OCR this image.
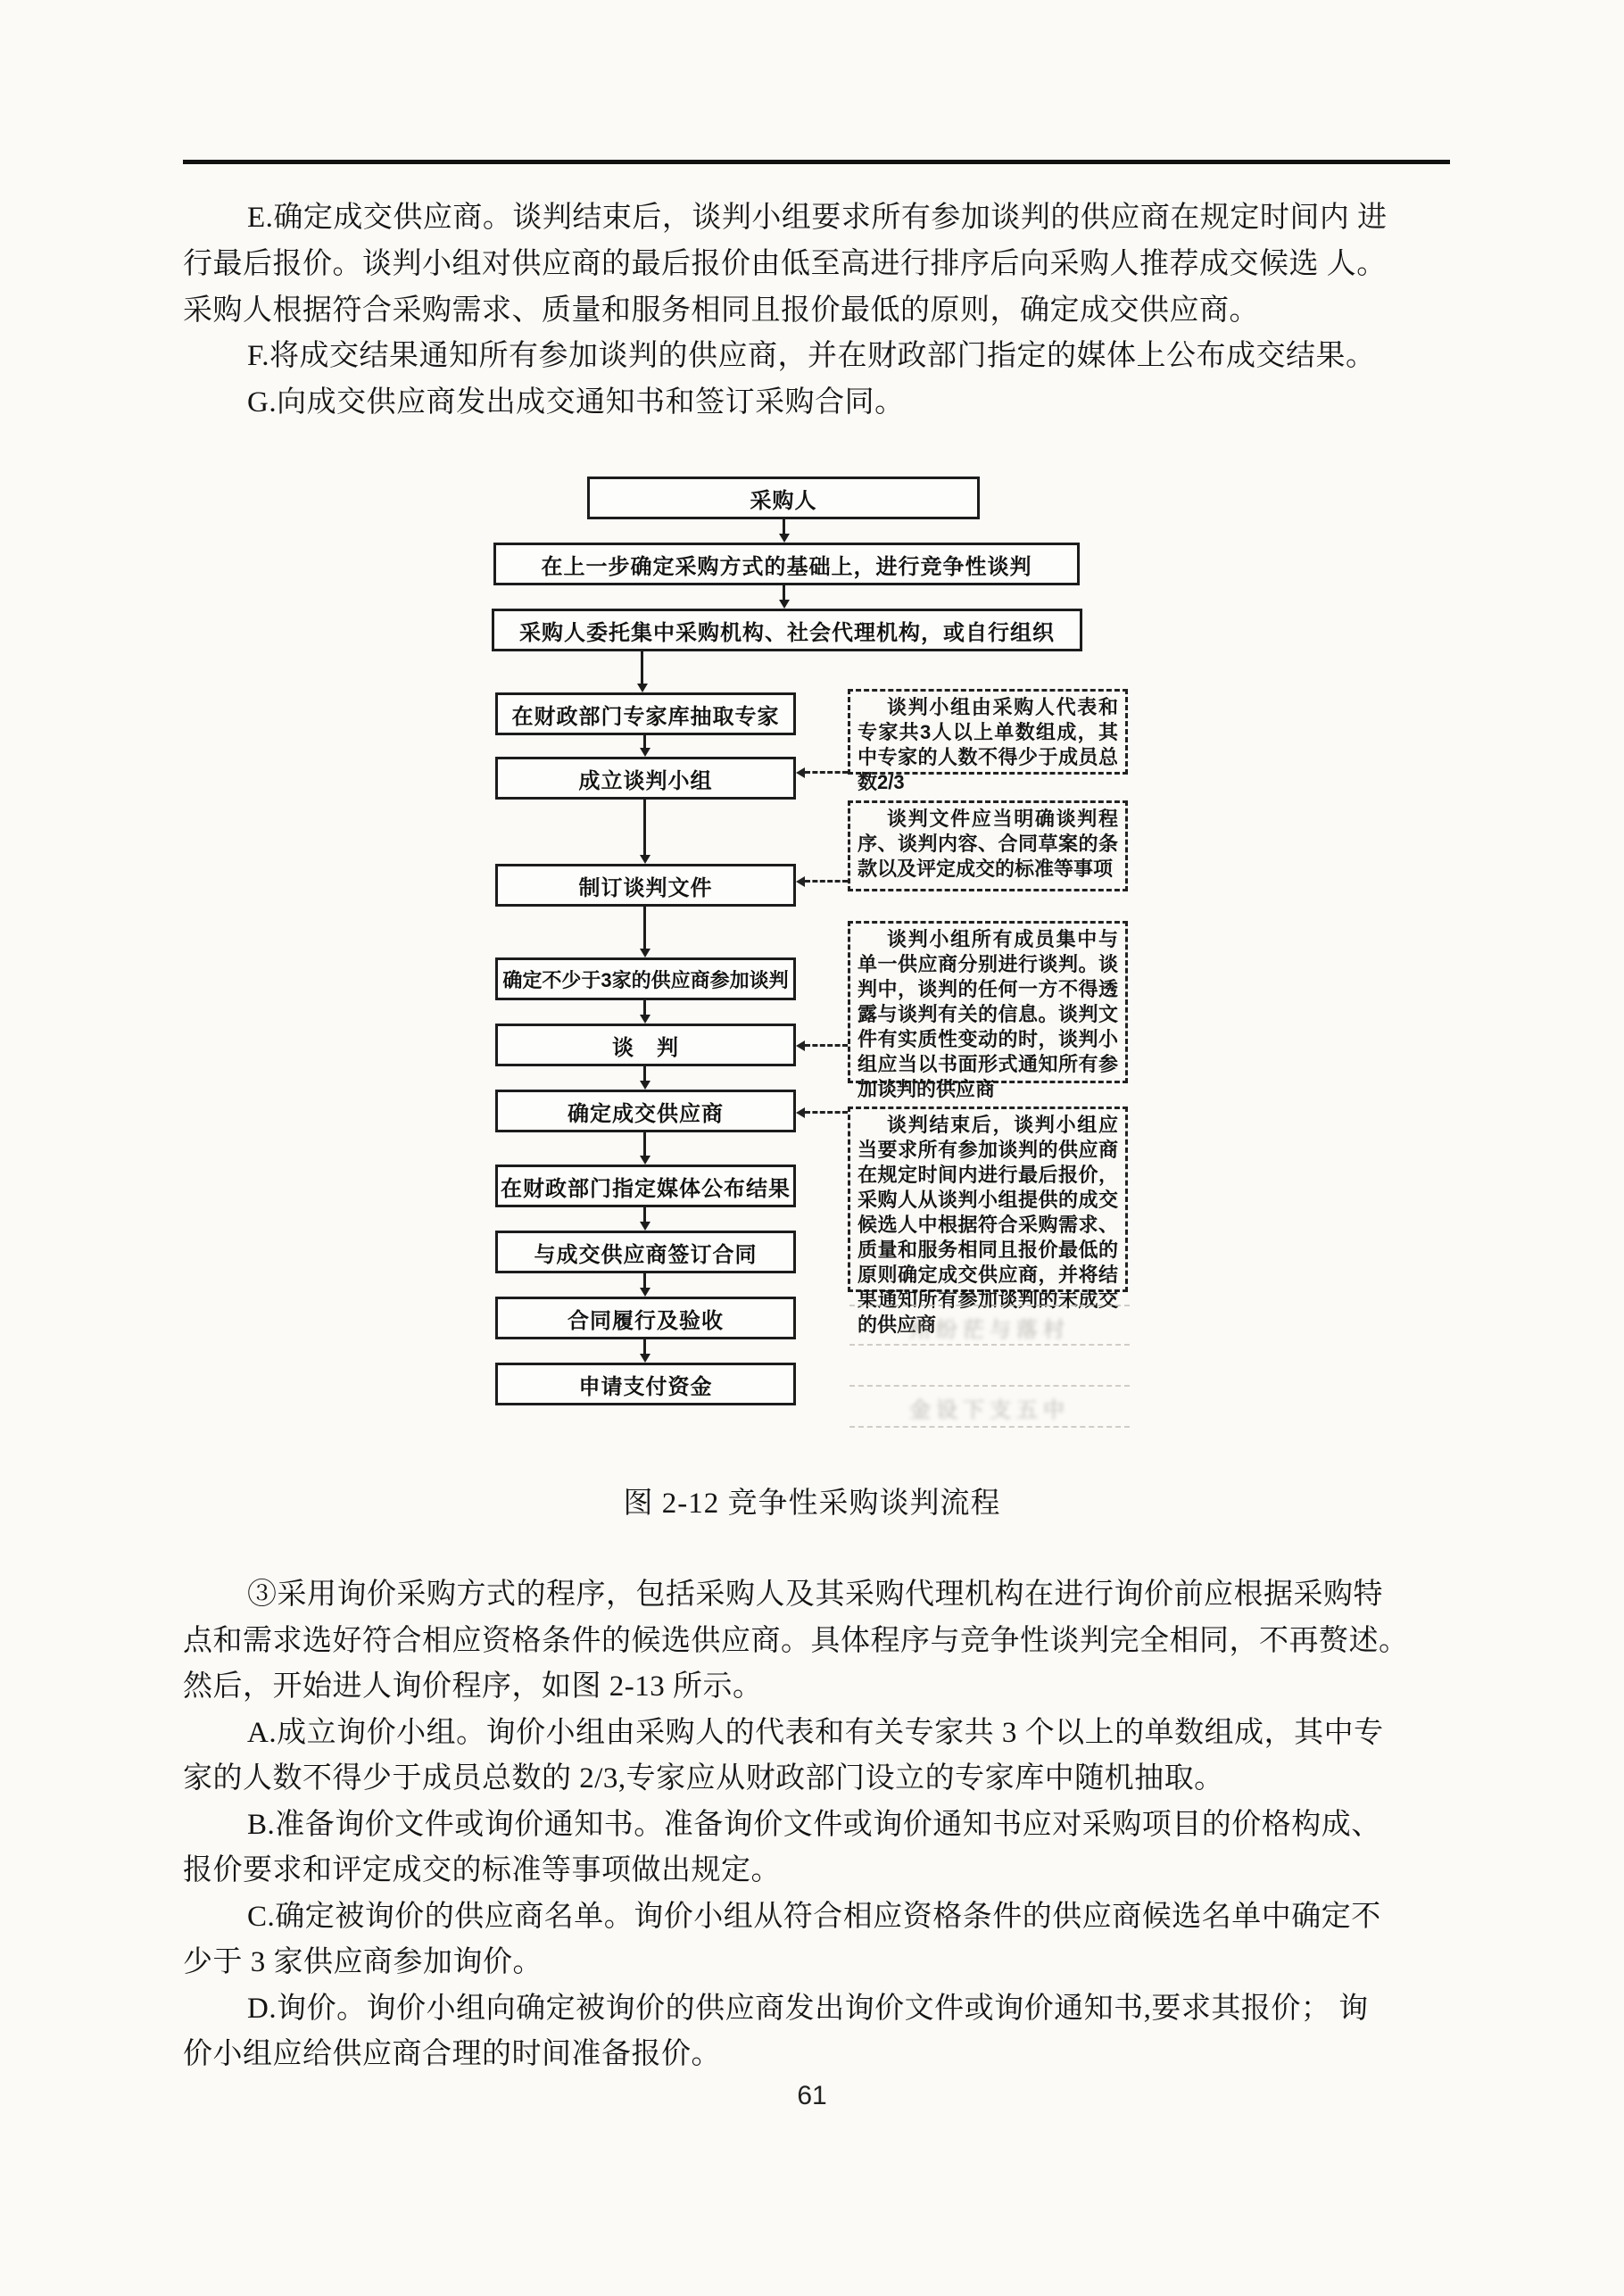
E.确定成交供应商。谈判结束后，谈判小组要求所有参加谈判的供应商在规定时间内 进
行最后报价。谈判小组对供应商的最后报价由低至高进行排序后向采购人推荐成交候选 人。
采购人根据符合采购需求、质量和服务相同且报价最低的原则，确定成交供应商。
F.将成交结果通知所有参加谈判的供应商，并在财政部门指定的媒体上公布成交结果。
G.向成交供应商发出成交通知书和签订采购合同。
采购人
在上一步确定采购方式的基础上，进行竞争性谈判
采购人委托集中采购机构、社会代理机构，或自行组织
在财政部门专家库抽取专家
成立谈判小组
制订谈判文件
确定不少于3家的供应商参加谈判
谈　判
确定成交供应商
在财政部门指定媒体公布结果
与成交供应商签订合同
合同履行及验收
申请支付资金
谈判小组由采购人代表和专家共3人以上单数组成，其中专家的人数不得少于成员总数2/3
谈判文件应当明确谈判程序、谈判内容、合同草案的条款以及评定成交的标准等事项
谈判小组所有成员集中与单一供应商分别进行谈判。谈判中，谈判的任何一方不得透露与谈判有关的信息。谈判文件有实质性变动的时，谈判小组应当以书面形式通知所有参加谈判的供应商
谈判结束后，谈判小组应当要求所有参加谈判的供应商在规定时间内进行最后报价，采购人从谈判小组提供的成交候选人中根据符合采购需求、质量和服务相同且报价最低的原则确定成交供应商，并将结果通知所有参加谈判的未成交的供应商
州纷茫与落村
金设下支五中
图 2-12 竞争性采购谈判流程
③采用询价采购方式的程序，包括采购人及其采购代理机构在进行询价前应根据采购特
点和需求选好符合相应资格条件的候选供应商。具体程序与竞争性谈判完全相同，不再赘述。
然后，开始进人询价程序，如图 2-13 所示。
A.成立询价小组。询价小组由采购人的代表和有关专家共 3 个以上的单数组成，其中专
家的人数不得少于成员总数的 2/3,专家应从财政部门设立的专家库中随机抽取。
B.准备询价文件或询价通知书。准备询价文件或询价通知书应对采购项目的价格构成、
报价要求和评定成交的标准等事项做出规定。
C.确定被询价的供应商名单。询价小组从符合相应资格条件的供应商候选名单中确定不
少于 3 家供应商参加询价。
D.询价。询价小组向确定被询价的供应商发出询价文件或询价通知书,要求其报价； 询
价小组应给供应商合理的时间准备报价。
61
